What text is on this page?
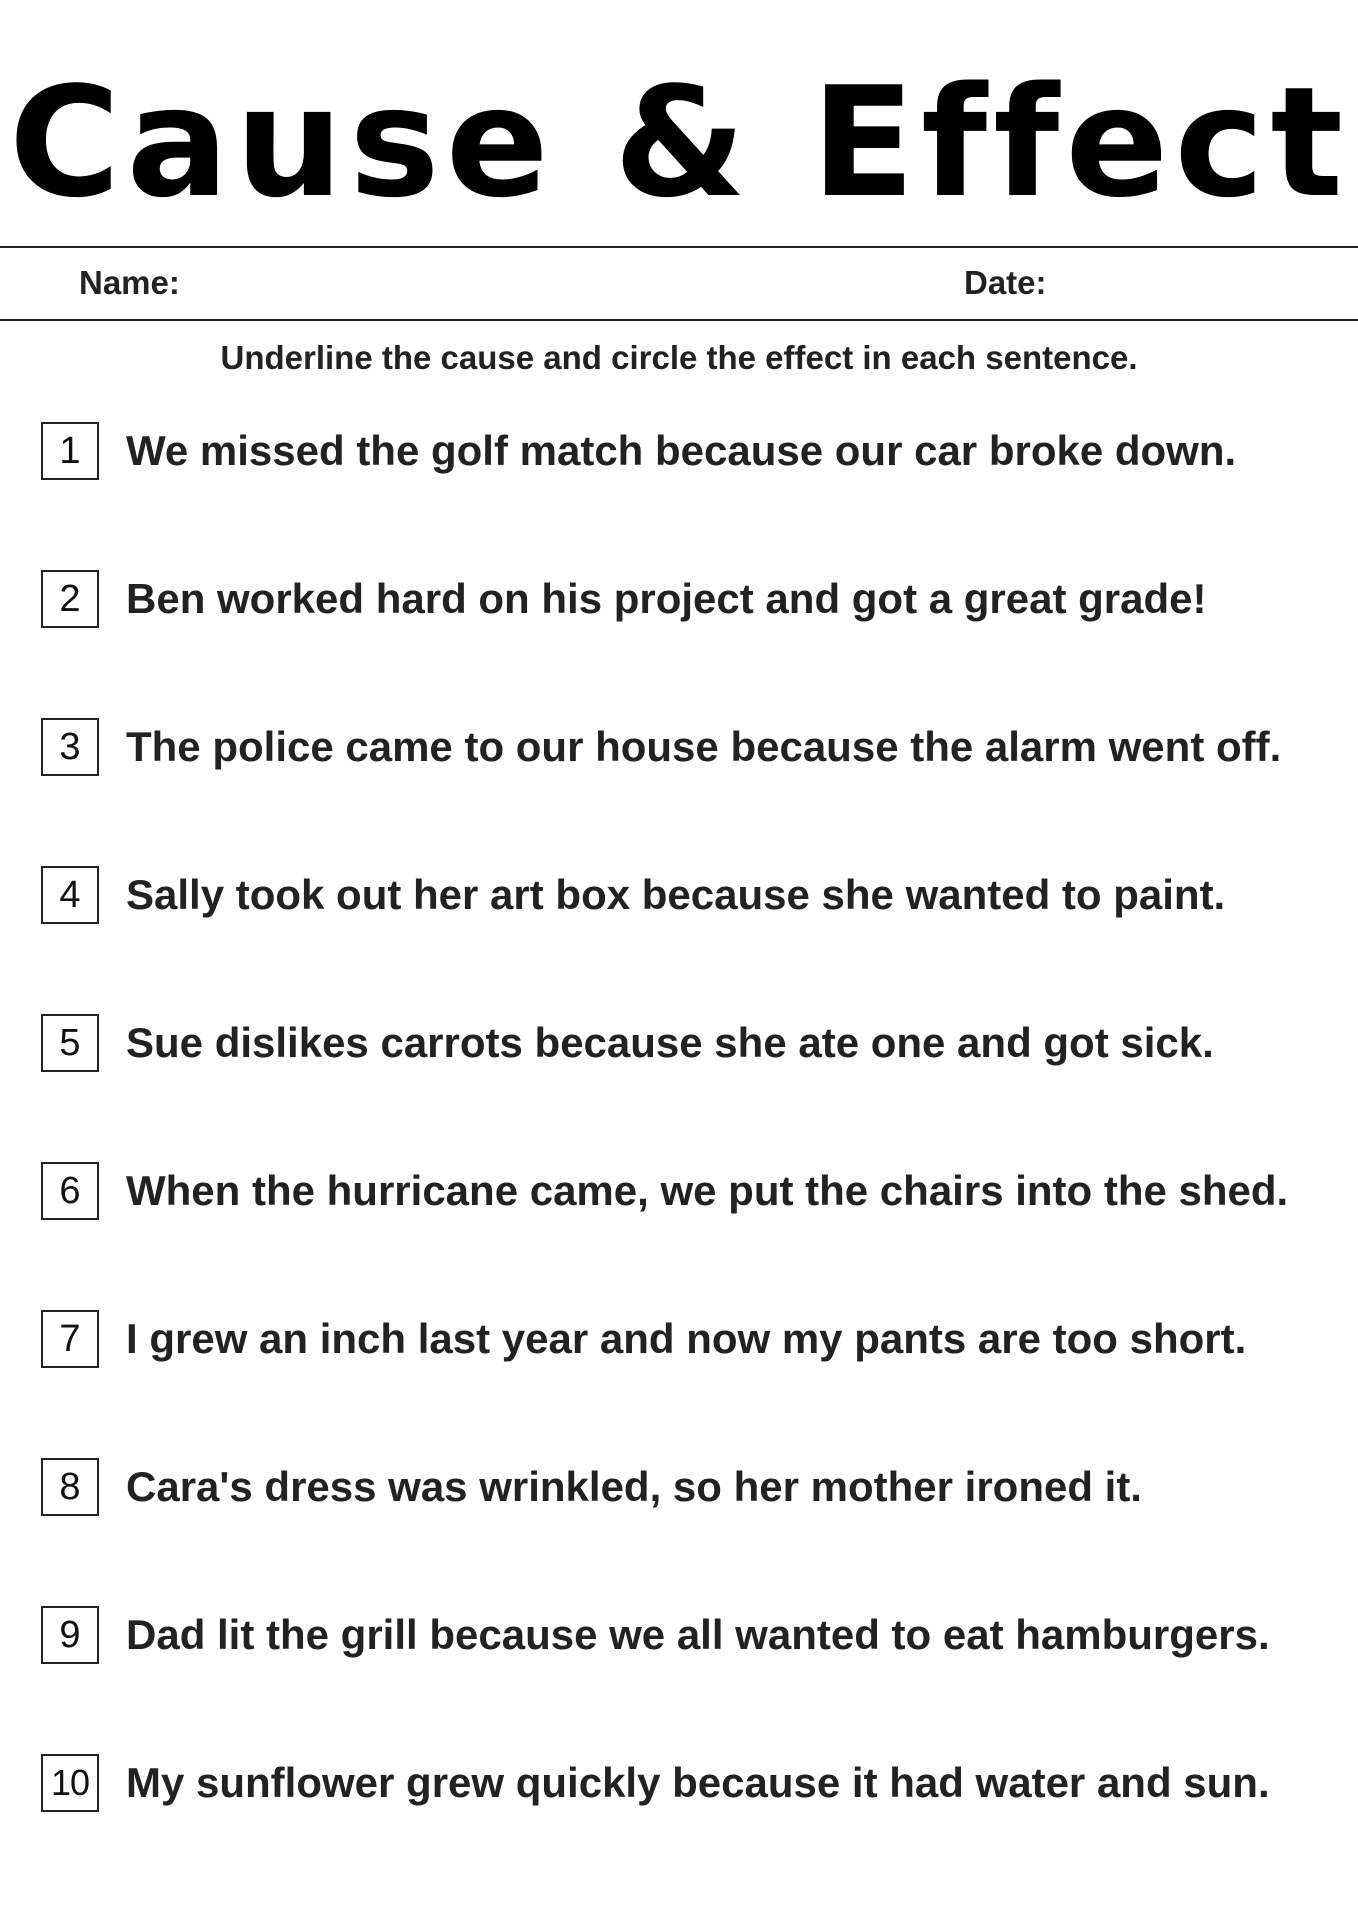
Cause & Effect
Name:	Date:
Underline the cause and circle the effect in each sentence.
1	We missed the golf match because our car broke down.
2	Ben worked hard on his project and got a great grade!
3	The police came to our house because the alarm went off.
4	Sally took out her art box because she wanted to paint.
5	Sue dislikes carrots because she ate one and got sick.
6	When the hurricane came, we put the chairs into the shed.
7	I grew an inch last year and now my pants are too short.
8	Cara's dress was wrinkled, so her mother ironed it.
9	Dad lit the grill because we all wanted to eat hamburgers.
10 My sunflower grew quickly because it had water and sun.
